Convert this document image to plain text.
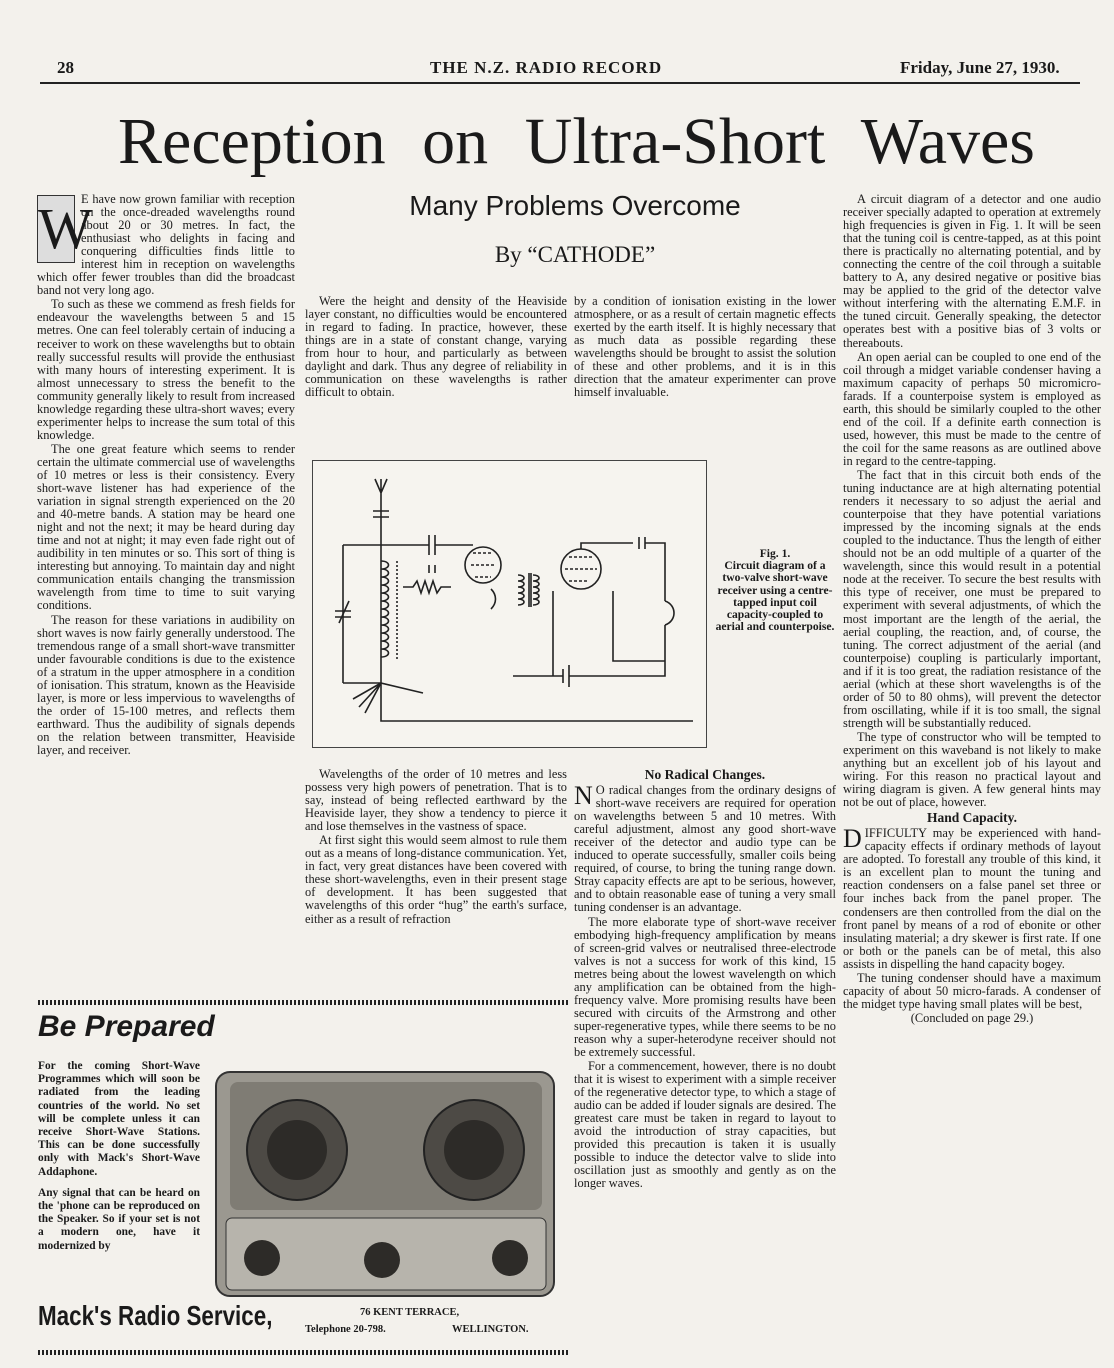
28	THE N.Z. RADIO RECORD	Friday, June 27, 1930.
Reception on Ultra-Short Waves

W
E have now grown familiar with reception on the once-dreaded wavelengths round about 20 or 30 metres. In fact, the enthusiast who delights in facing and conquering difficulties finds little to interest him in reception on wavelengths which offer fewer troubles than did the broadcast band not very long ago.

To such as these we commend as fresh fields for endeavour the wavelengths between 5 and 15 metres. One can feel tolerably certain of inducing a receiver to work on these wavelengths but to obtain really successful results will provide the enthusiast with many hours of interesting experiment. It is almost unnecessary to stress the benefit to the community generally likely to result from increased knowledge regarding these ultra-short waves; every experimenter helps to increase the sum total of this knowledge.

The one great feature which seems to render certain the ultimate commercial use of wavelengths of 10 metres or less is their consistency. Every short-wave listener has had experience of the variation in signal strength experienced on the 20 and 40-metre bands. A station may be heard one night and not the next; it may be heard during day time and not at night; it may even fade right out of audibility in ten minutes or so. This sort of thing is interesting but annoying. To maintain day and night communication entails changing the transmission wavelength from time to time to suit varying conditions.

The reason for these variations in audibility on short waves is now fairly generally understood. The tremendous range of a small short-wave transmitter under favourable conditions is due to the existence of a stratum in the upper atmosphere in a condition of ionisation. This stratum, known as the Heaviside layer, is more or less impervious to wavelengths of the order of 15-100 metres, and reflects them earthward. Thus the audibility of signals depends on the relation between transmitter, Heaviside layer, and receiver.

Many Problems Overcome
By “CATHODE”

Were the height and density of the Heaviside layer constant, no difficulties would be encountered in regard to fading. In practice, however, these things are in a state of constant change, varying from hour to hour, and particularly as between daylight and dark. Thus any degree of reliability in communication on these wavelengths is rather difficult to obtain.

by a condition of ionisation existing in the lower atmosphere, or as a result of certain magnetic effects exerted by the earth itself. It is highly necessary that as much data as possible regarding these wavelengths should be brought to assist the solution of these and other problems, and it is in this direction that the amateur experimenter can prove himself invaluable.

Fig. 1.
Circuit diagram of a two-valve short-wave receiver using a centre-tapped input coil capacity-coupled to aerial and counterpoise.

Wavelengths of the order of 10 metres and less possess very high powers of penetration. That is to say, instead of being reflected earthward by the Heaviside layer, they show a tendency to pierce it and lose themselves in the vastness of space.

At first sight this would seem almost to rule them out as a means of long-distance communication. Yet, in fact, very great distances have been covered with these short-wavelengths, even in their present stage of development. It has been suggested that wavelengths of this order “hug” the earth's surface, either as a result of refraction

No Radical Changes.

N O radical changes from the ordinary designs of short-wave receivers are required for operation on wavelengths between 5 and 10 metres. With careful adjustment, almost any good short-wave receiver of the detector and audio type can be induced to operate successfully, smaller coils being required, of course, to bring the tuning range down. Stray capacity effects are apt to be serious, however, and to obtain reasonable ease of tuning a very small tuning condenser is an advantage.

The more elaborate type of short-wave receiver embodying high-frequency amplification by means of screen-grid valves or neutralised three-electrode valves is not a success for work of this kind, 15 metres being about the lowest wavelength on which any amplification can be obtained from the high-frequency valve. More promising results have been secured with circuits of the Armstrong and other super-regenerative types, while there seems to be no reason why a super-heterodyne receiver should not be extremely successful.

For a commencement, however, there is no doubt that it is wisest to experiment with a simple receiver of the regenerative detector type, to which a stage of audio can be added if louder signals are desired. The greatest care must be taken in regard to layout to avoid the introduction of stray capacities, but provided this precaution is taken it is usually possible to induce the detector valve to slide into oscillation just as smoothly and gently as on the longer waves.

A circuit diagram of a detector and one audio receiver specially adapted to operation at extremely high frequencies is given in Fig. 1. It will be seen that the tuning coil is centre-tapped, as at this point there is practically no alternating potential, and by connecting the centre of the coil through a suitable battery to A, any desired negative or positive bias may be applied to the grid of the detector valve without interfering with the alternating E.M.F. in the tuned circuit. Generally speaking, the detector operates best with a positive bias of 3 volts or thereabouts.

An open aerial can be coupled to one end of the coil through a midget variable condenser having a maximum capacity of perhaps 50 micromicro-farads. If a counterpoise system is employed as earth, this should be similarly coupled to the other end of the coil. If a definite earth connection is used, however, this must be made to the centre of the coil for the same reasons as are outlined above in regard to the centre-tapping.

The fact that in this circuit both ends of the tuning inductance are at high alternating potential renders it necessary to so adjust the aerial and counterpoise that they have potential variations impressed by the incoming signals at the ends coupled to the inductance. Thus the length of either should not be an odd multiple of a quarter of the wavelength, since this would result in a potential node at the receiver. To secure the best results with this type of receiver, one must be prepared to experiment with several adjustments, of which the most important are the length of the aerial, the aerial coupling, the reaction, and, of course, the tuning. The correct adjustment of the aerial (and counterpoise) coupling is particularly important, and if it is too great, the radiation resistance of the aerial (which at these short wavelengths is of the order of 50 to 80 ohms), will prevent the detector from oscillating, while if it is too small, the signal strength will be substantially reduced.

The type of constructor who will be tempted to experiment on this waveband is not likely to make anything but an excellent job of his layout and wiring. For this reason no practical layout and wiring diagram is given. A few general hints may not be out of place, however.

Hand Capacity.

DIFFICULTY may be experienced with hand-capacity effects if ordinary methods of layout are adopted. To forestall any trouble of this kind, it is an excellent plan to mount the tuning and reaction condensers on a false panel set three or four inches back from the panel proper. The condensers are then controlled from the dial on the front panel by means of a rod of ebonite or other insulating material; a dry skewer is first rate. If one or both or the panels can be of metal, this also assists in dispelling the hand capacity bogey.

The tuning condenser should have a maximum capacity of about 50 micro-farads. A condenser of the midget type having small plates will be best,

(Concluded on page 29.)
Be Prepared

For the coming Short-Wave Programmes which will soon be radiated from the leading countries of the world. No set will be complete unless it can receive Short-Wave Stations. This can be done successfully only with Mack's Short-Wave Addaphone.

Any signal that can be heard on the 'phone can be reproduced on the Speaker. So if your set is not a modern one, have it modernized by

Mack's Radio Service,	76 KENT TERRACE,
Telephone 20-798.	WELLINGTON.
